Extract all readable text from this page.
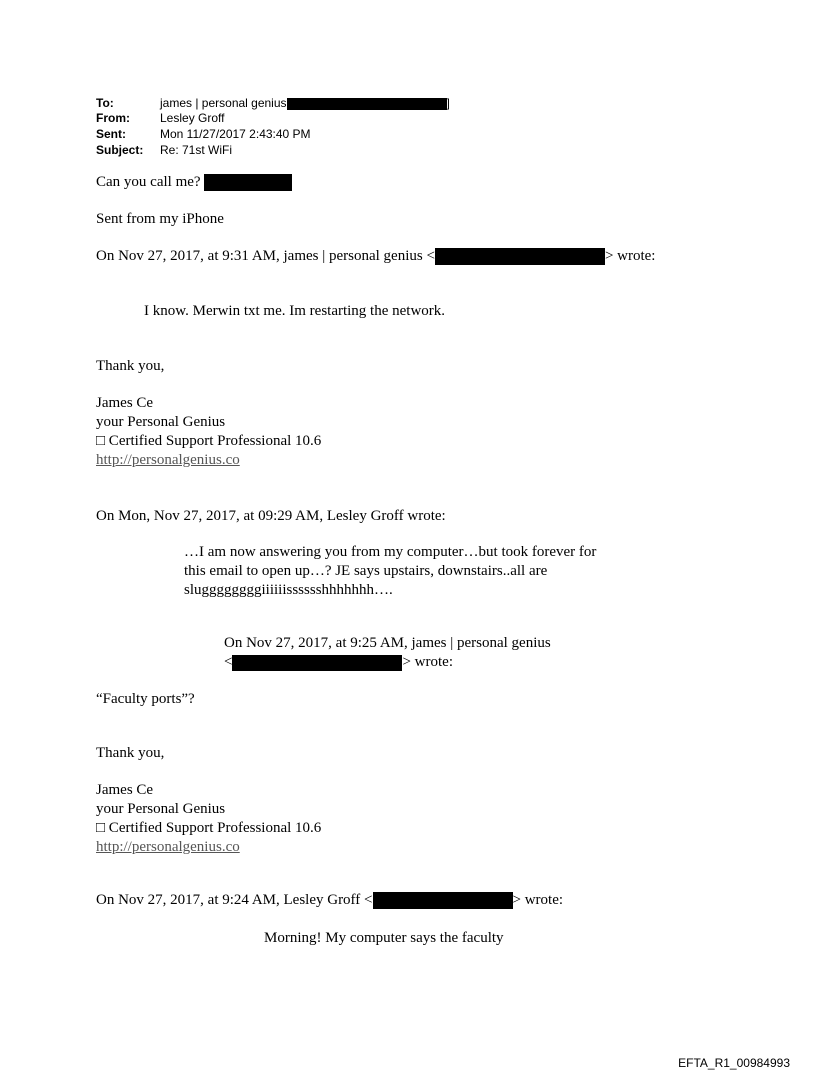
To:	james | personal genius	]
From:	Lesley Groff
Sent:	Mon 11/27/2017 2:43:40 PM
Subject: Re: 71st WiFi
Can you call me?
Sent from my iPhone
On Nov 27, 2017, at 9:31 AM, james | personal genius <	> wrote:
I know. Merwin txt me. Im restarting the network.
Thank you,
James Ce
your Personal Genius
□ Certified Support Professional 10.6
http://personalgenius.co
On Mon, Nov 27, 2017, at 09:29 AM, Lesley Groff wrote:
…I am now answering you from my computer…but took forever for
this email to open up…? JE says upstairs, downstairs..all are
sluggggggggiiiiiisssssshhhhhhh….
On Nov 27, 2017, at 9:25 AM, james | personal genius
<	> wrote:
“Faculty ports”?
Thank you,
James Ce
your Personal Genius
□ Certified Support Professional 10.6
http://personalgenius.co
On Nov 27, 2017, at 9:24 AM, Lesley Groff <	> wrote:
Morning! My computer says the faculty
EFTA_R1_00984993
